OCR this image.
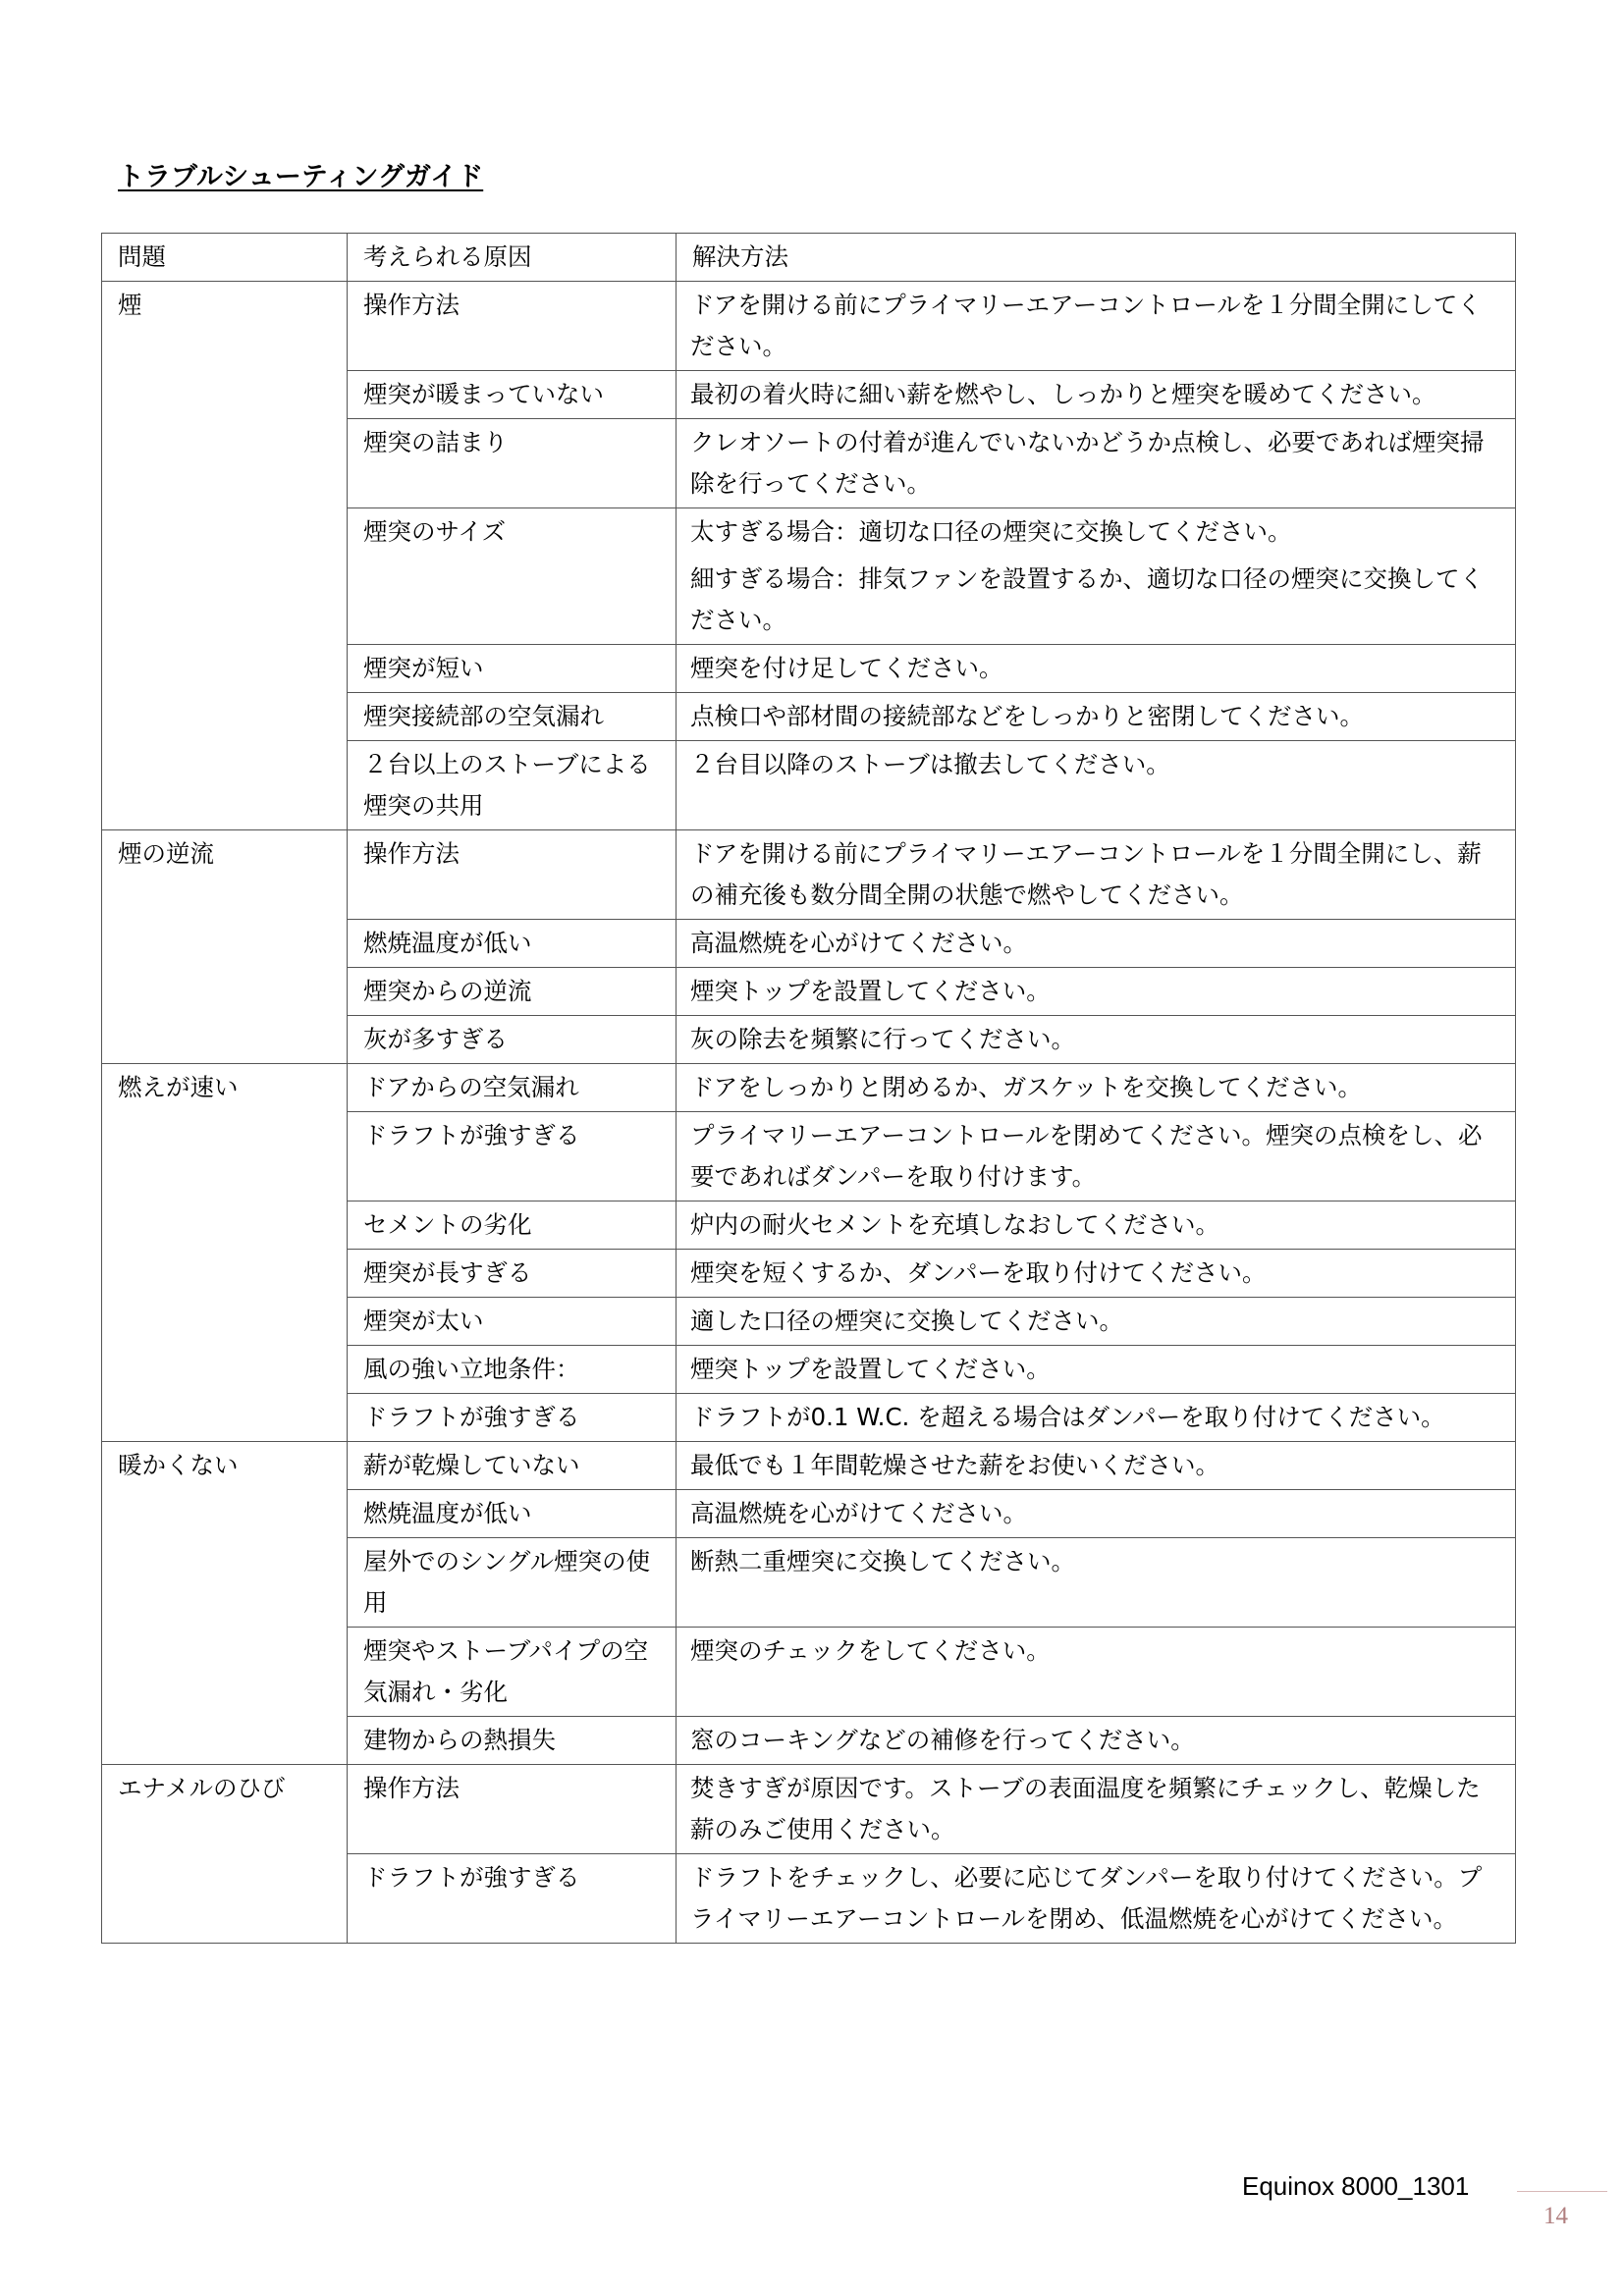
トラブルシューティングガイド
問題	考えられる原因	解決方法
煙	操作方法	ドアを開ける前にプライマリーエアーコントロールを１分間全開にしてください。

	煙突が暖まっていない	最初の着火時に細い薪を燃やし、しっかりと煙突を暖めてください。

	煙突の詰まり	クレオソートの付着が進んでいないかどうか点検し、必要であれば煙突掃除を行ってください。

	煙突のサイズ	太すぎる場合：適切な口径の煙突に交換してください。
細すぎる場合：排気ファンを設置するか、適切な口径の煙突に交換してください。

	煙突が短い	煙突を付け足してください。

	煙突接続部の空気漏れ	点検口や部材間の接続部などをしっかりと密閉してください。

	２台以上のストーブによる煙突の共用	２台目以降のストーブは撤去してください。

煙の逆流	操作方法	ドアを開ける前にプライマリーエアーコントロールを１分間全開にし、薪の補充後も数分間全開の状態で燃やしてください。

	燃焼温度が低い	高温燃焼を心がけてください。

	煙突からの逆流	煙突トップを設置してください。

	灰が多すぎる	灰の除去を頻繁に行ってください。

燃えが速い	ドアからの空気漏れ	ドアをしっかりと閉めるか、ガスケットを交換してください。

	ドラフトが強すぎる	プライマリーエアーコントロールを閉めてください。煙突の点検をし、必要であればダンパーを取り付けます。

	セメントの劣化	炉内の耐火セメントを充填しなおしてください。

	煙突が長すぎる	煙突を短くするか、ダンパーを取り付けてください。

	煙突が太い	適した口径の煙突に交換してください。

	風の強い立地条件：	煙突トップを設置してください。

	ドラフトが強すぎる	ドラフトが0.1 W.C. を超える場合はダンパーを取り付けてください。

暖かくない	薪が乾燥していない	最低でも１年間乾燥させた薪をお使いください。

	燃焼温度が低い	高温燃焼を心がけてください。

	屋外でのシングル煙突の使用	断熱二重煙突に交換してください。

	煙突やストーブパイプの空気漏れ・劣化	煙突のチェックをしてください。

	建物からの熱損失	窓のコーキングなどの補修を行ってください。

エナメルのひび	操作方法	焚きすぎが原因です。ストーブの表面温度を頻繁にチェックし、乾燥した薪のみご使用ください。

	ドラフトが強すぎる	ドラフトをチェックし、必要に応じてダンパーを取り付けてください。プライマリーエアーコントロールを閉め、低温燃焼を心がけてください。
Equinox 8000_1301
14
